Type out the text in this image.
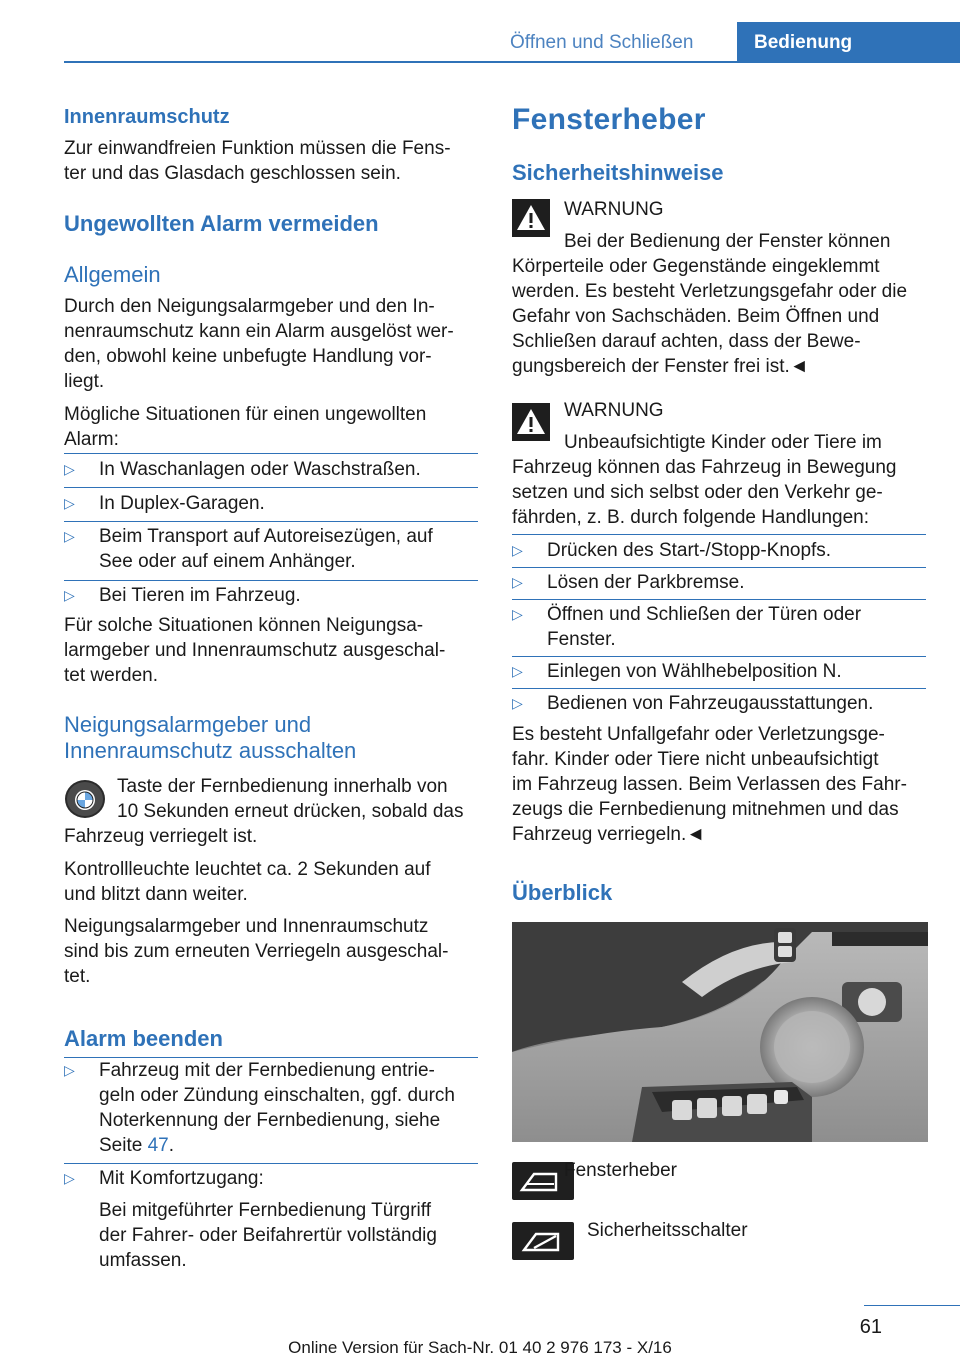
Öffnen und Schließen	Bedienung
Innenraumschutz
Zur einwandfreien Funktion müssen die Fens‐
ter und das Glasdach geschlossen sein.
Ungewollten Alarm vermeiden
Allgemein
Durch den Neigungsalarmgeber und den In‐
nenraumschutz kann ein Alarm ausgelöst wer‐
den, obwohl keine unbefugte Handlung vor‐
liegt.
Mögliche Situationen für einen ungewollten
Alarm:
▷	In Waschanlagen oder Waschstraßen.
▷	In Duplex-Garagen.
▷	Beim Transport auf Autoreisezügen, auf
See oder auf einem Anhänger.
▷	Bei Tieren im Fahrzeug.
Für solche Situationen können Neigungsa‐
larmgeber und Innenraumschutz ausgeschal‐
tet werden.
Neigungsalarmgeber und
Innenraumschutz ausschalten
Taste der Fernbedienung innerhalb von
10 Sekunden erneut drücken, sobald das
Fahrzeug verriegelt ist.
Kontrollleuchte leuchtet ca. 2 Sekunden auf
und blitzt dann weiter.
Neigungsalarmgeber und Innenraumschutz
sind bis zum erneuten Verriegeln ausgeschal‐
tet.
Alarm beenden
▷	Fahrzeug mit der Fernbedienung entrie‐
geln oder Zündung einschalten, ggf. durch
Noterkennung der Fernbedienung, siehe
Seite 47.
▷	Mit Komfortzugang:
Bei mitgeführter Fernbedienung Türgriff
der Fahrer- oder Beifahrertür vollständig
umfassen.
Fensterheber
Sicherheitshinweise
WARNUNG
Bei der Bedienung der Fenster können
Körperteile oder Gegenstände eingeklemmt
werden. Es besteht Verletzungsgefahr oder die
Gefahr von Sachschäden. Beim Öffnen und
Schließen darauf achten, dass der Bewe‐
gungsbereich der Fenster frei ist.◄
WARNUNG
Unbeaufsichtigte Kinder oder Tiere im
Fahrzeug können das Fahrzeug in Bewegung
setzen und sich selbst oder den Verkehr ge‐
fährden, z. B. durch folgende Handlungen:
▷	Drücken des Start-/Stopp-Knopfs.
▷	Lösen der Parkbremse.
▷	Öffnen und Schließen der Türen oder
Fenster.
▷	Einlegen von Wählhebelposition N.
▷	Bedienen von Fahrzeugausstattungen.
Es besteht Unfallgefahr oder Verletzungsge‐
fahr. Kinder oder Tiere nicht unbeaufsichtigt
im Fahrzeug lassen. Beim Verlassen des Fahr‐
zeugs die Fernbedienung mitnehmen und das
Fahrzeug verriegeln.◄
Überblick
Fensterheber
Sicherheitsschalter
61
Online Version für Sach-Nr. 01 40 2 976 173 - X/16
